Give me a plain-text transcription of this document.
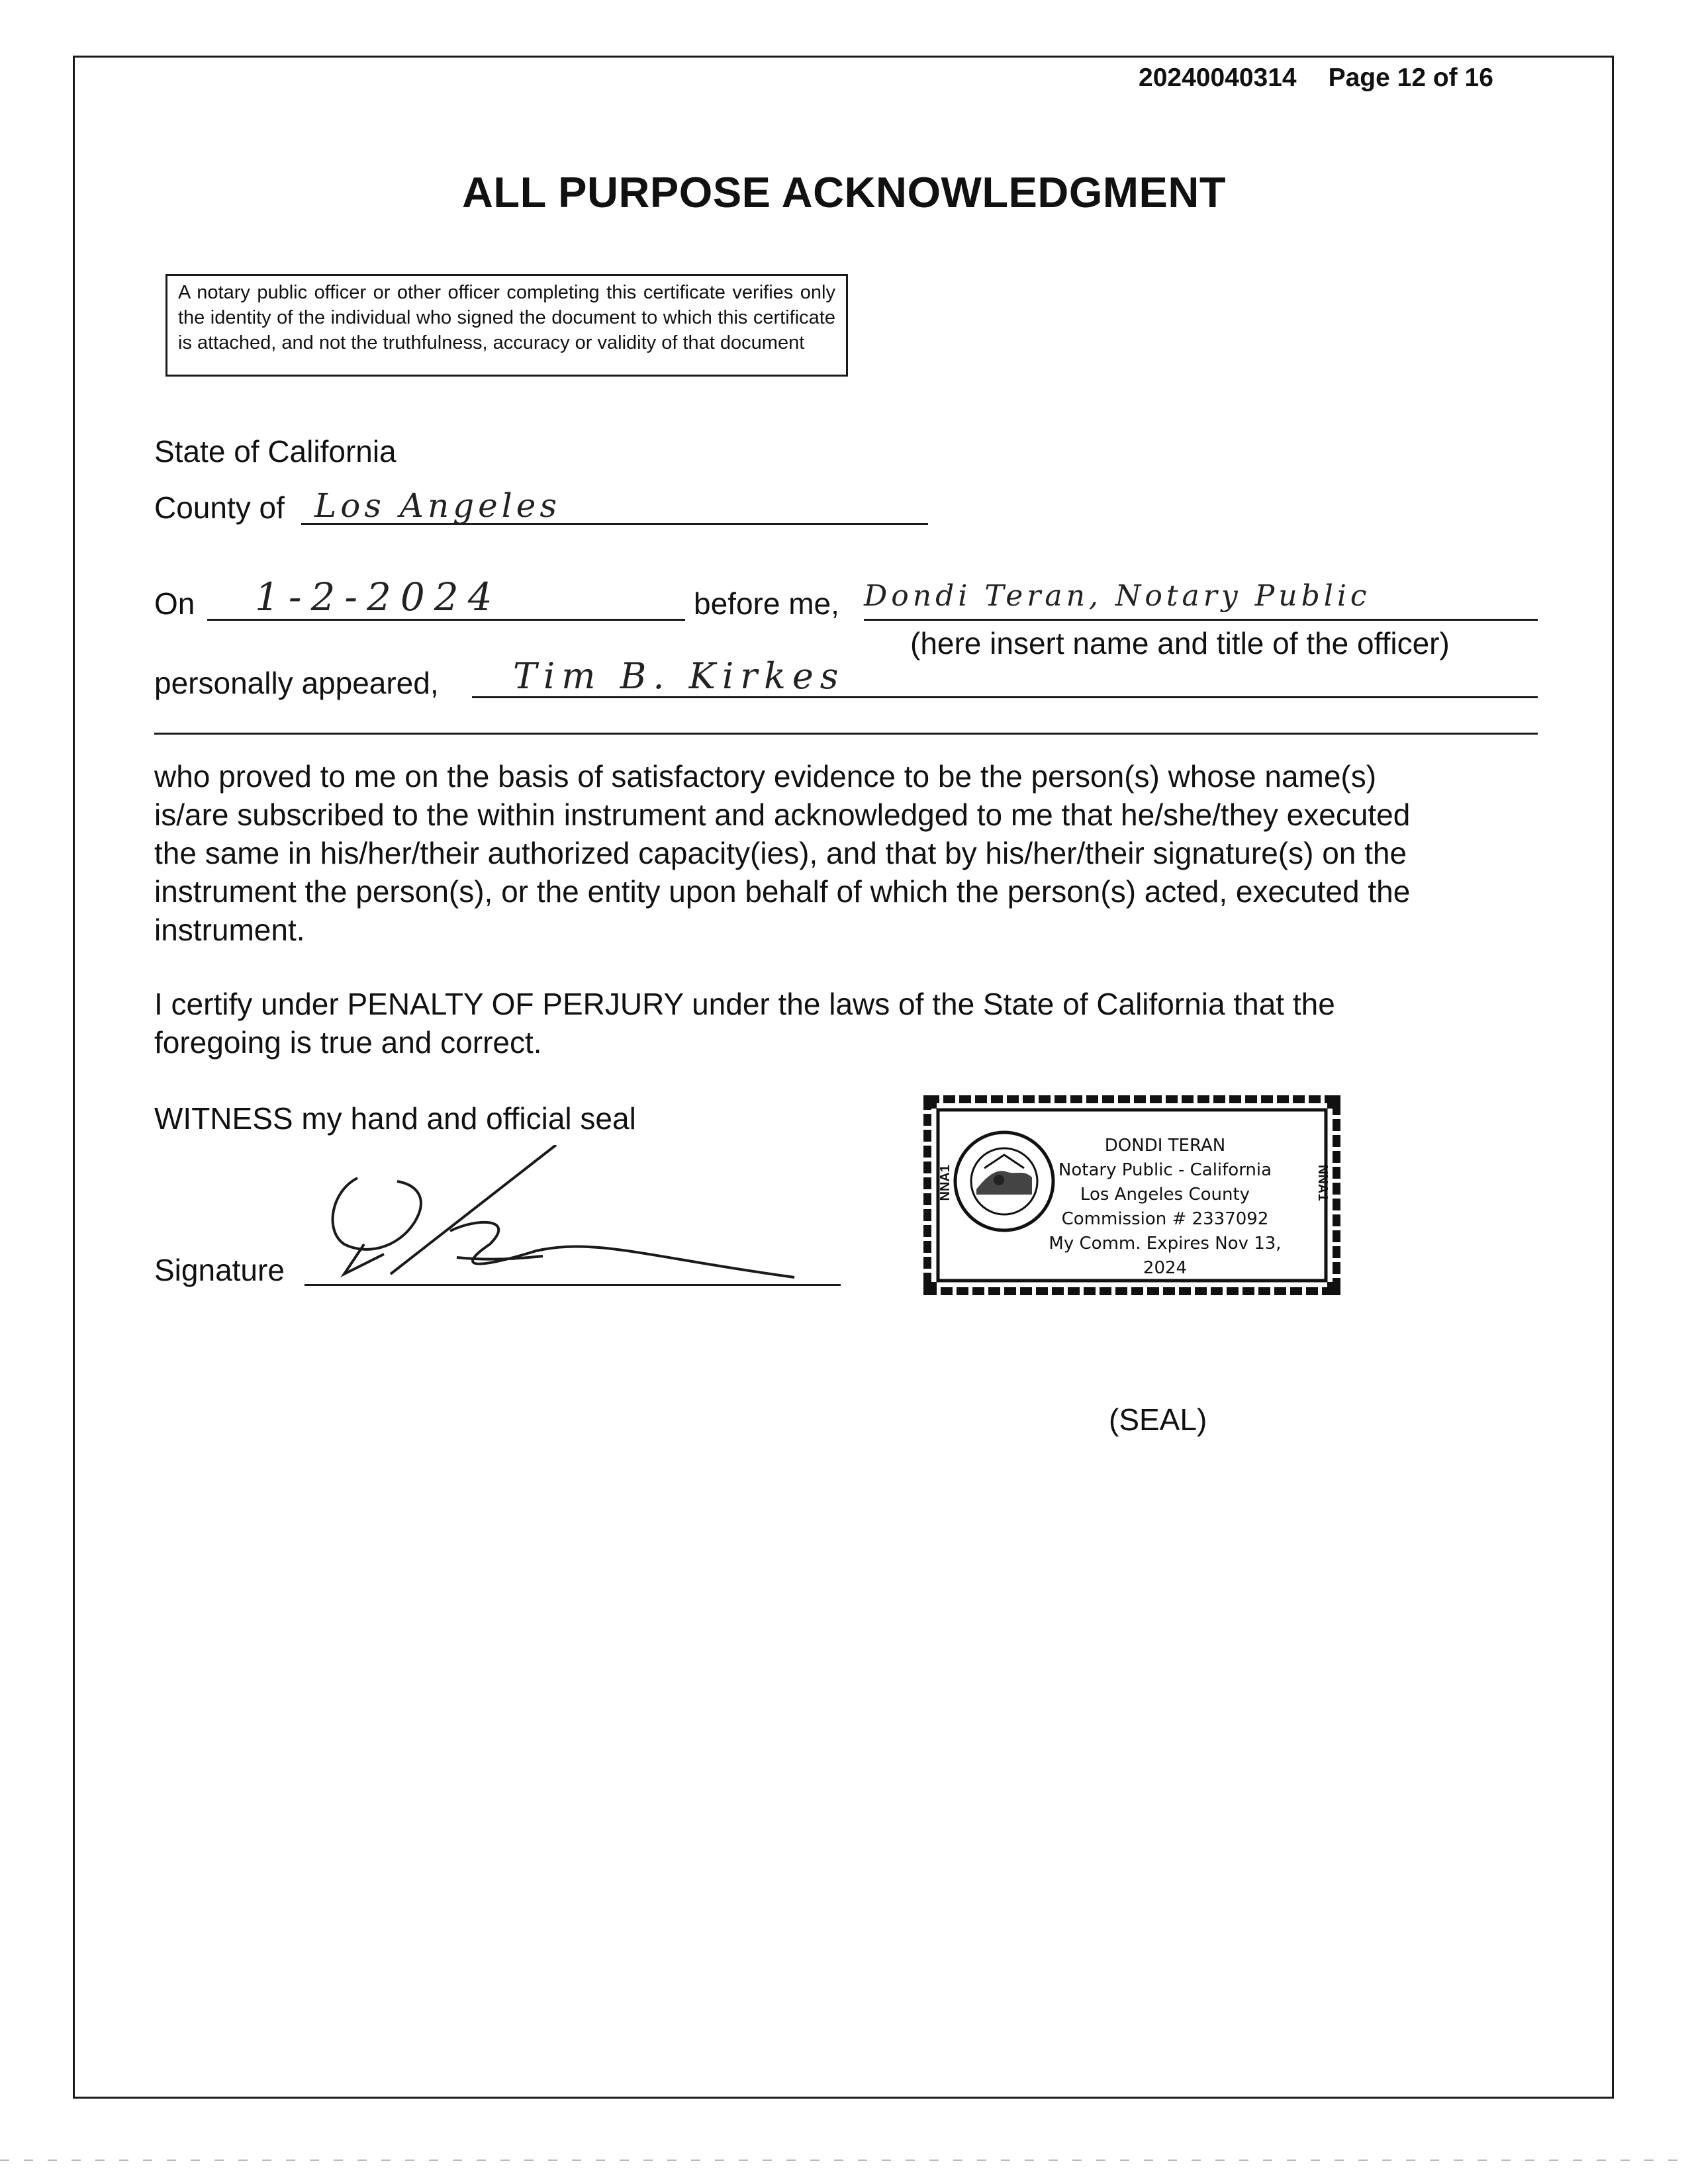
20240040314 Page 12 of 16
ALL PURPOSE ACKNOWLEDGMENT
A notary public officer or other officer completing this certificate verifies only the identity of the individual who signed the document to which this certificate is attached, and not the truthfulness, accuracy or validity of that document
State of California
County of Los Angeles
On 1-2-2024	before me, Dondi Teran, Notary Public
(here insert name and title of the officer)
personally appeared, Tim B. Kirkes
who proved to me on the basis of satisfactory evidence to be the person(s) whose name(s)
is/are subscribed to the within instrument and acknowledged to me that he/she/they executed
the same in his/her/their authorized capacity(ies), and that by his/her/their signature(s) on the
instrument the person(s), or the entity upon behalf of which the person(s) acted, executed the
instrument.
I certify under PENALTY OF PERJURY under the laws of the State of California that the
foregoing is true and correct.
WITNESS my hand and official seal
Signature
NNA1	NNA1
DONDI TERAN
Notary Public - California
Los Angeles County
Commission # 2337092
My Comm. Expires Nov 13, 2024
(SEAL)
